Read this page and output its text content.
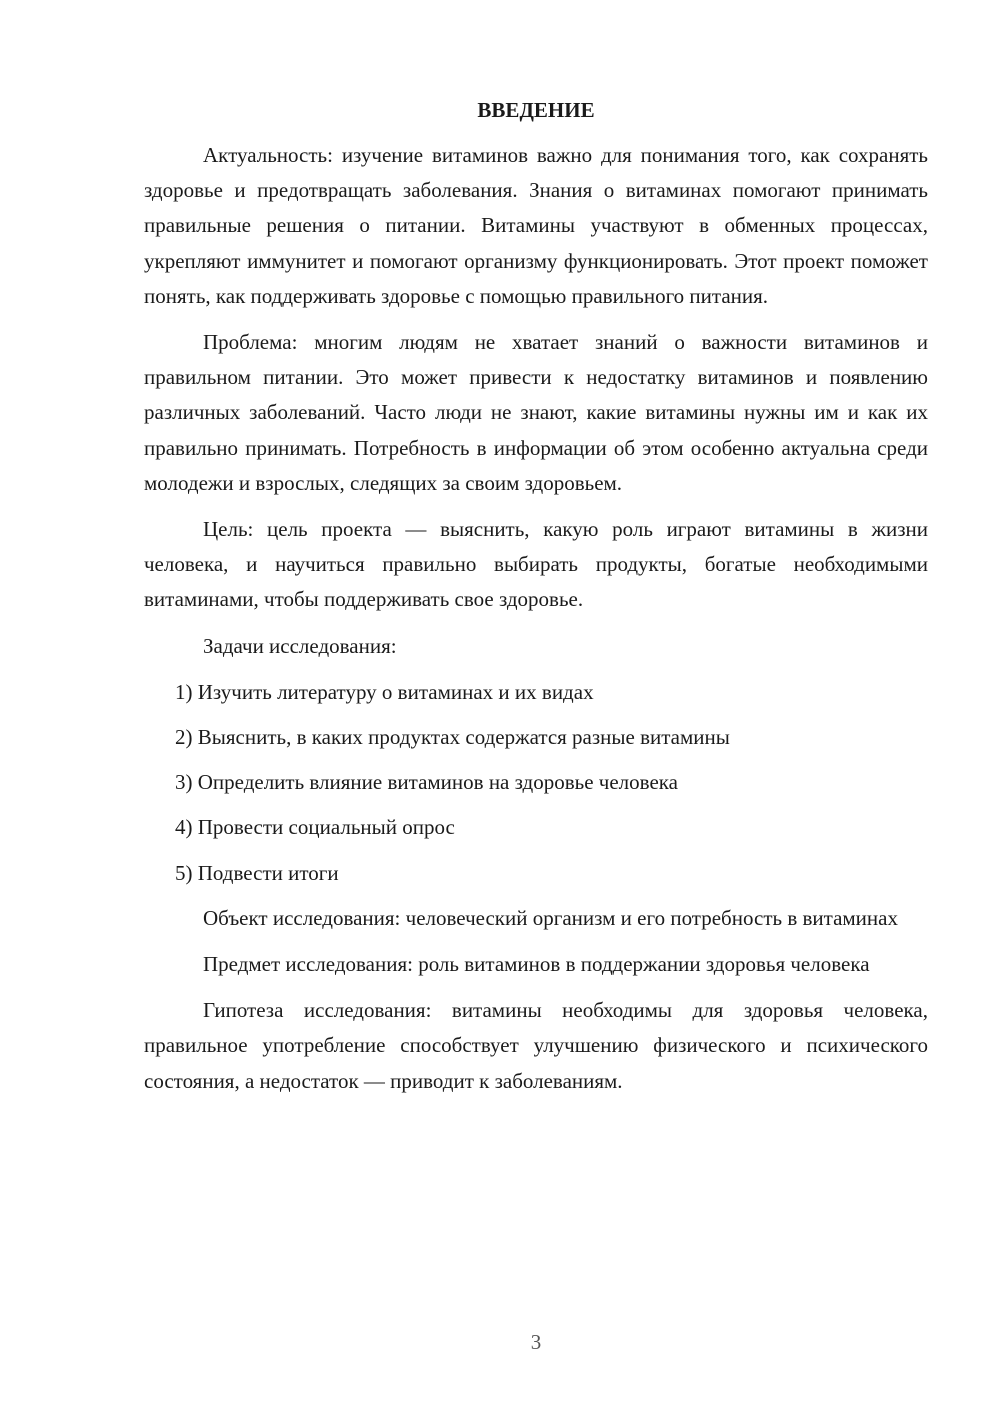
ВВЕДЕНИЕ

Актуальность: изучение витаминов важно для понимания того, как сохранять здоровье и предотвращать заболевания. Знания о витаминах помогают принимать правильные решения о питании. Витамины участвуют в обменных процессах, укрепляют иммунитет и помогают организму функционировать. Этот проект поможет понять, как поддерживать здоровье с помощью правильного питания.

Проблема: многим людям не хватает знаний о важности витаминов и правильном питании. Это может привести к недостатку витаминов и появлению различных заболеваний. Часто люди не знают, какие витамины нужны им и как их правильно принимать. Потребность в информации об этом особенно актуальна среди молодежи и взрослых, следящих за своим здоровьем.

Цель: цель проекта — выяснить, какую роль играют витамины в жизни человека, и научиться правильно выбирать продукты, богатые необходимыми витаминами, чтобы поддерживать свое здоровье.

Задачи исследования:

1) Изучить литературу о витаминах и их видах
2) Выяснить, в каких продуктах содержатся разные витамины
3) Определить влияние витаминов на здоровье человека
4) Провести социальный опрос
5) Подвести итоги

Объект исследования: человеческий организм и его потребность в витаминах

Предмет исследования: роль витаминов в поддержании здоровья человека

Гипотеза исследования: витамины необходимы для здоровья человека, правильное употребление способствует улучшению физического и психического состояния, а недостаток — приводит к заболеваниям.

3
